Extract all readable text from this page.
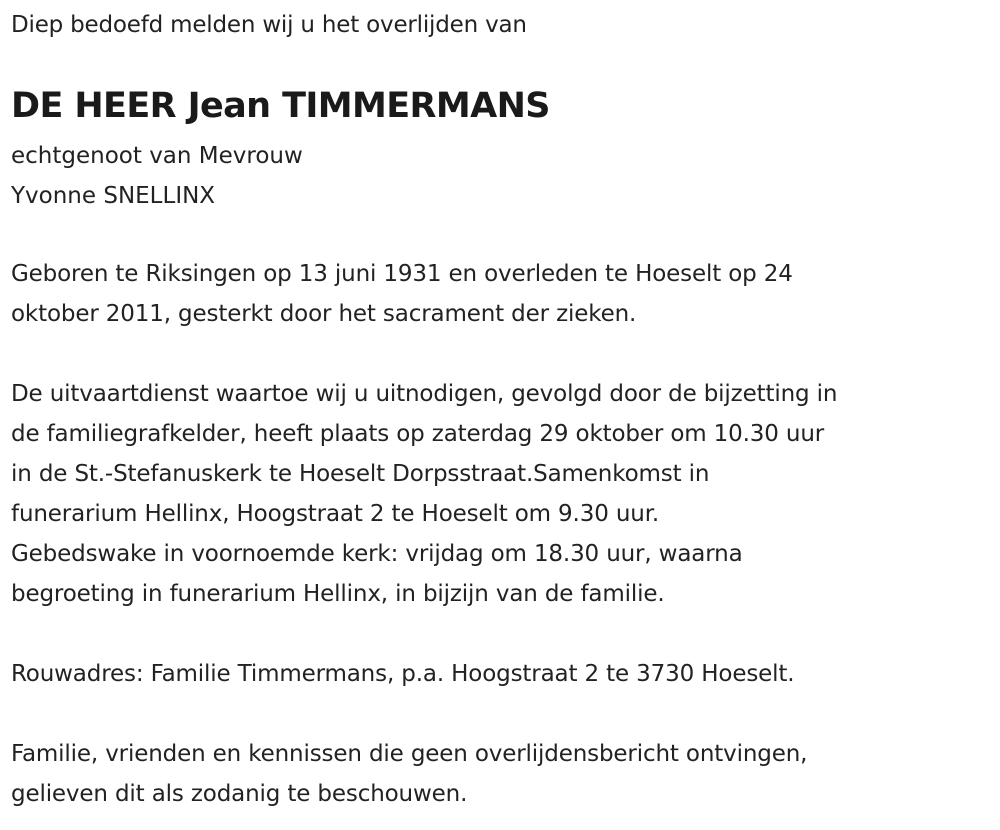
Diep bedoefd melden wij u het overlijden van

DE HEER Jean TIMMERMANS
echtgenoot van Mevrouw
Yvonne SNELLINX

Geboren te Riksingen op 13 juni 1931 en overleden te Hoeselt op 24
oktober 2011, gesterkt door het sacrament der zieken.

De uitvaartdienst waartoe wij u uitnodigen, gevolgd door de bijzetting in
de familiegrafkelder, heeft plaats op zaterdag 29 oktober om 10.30 uur
in de St.-Stefanuskerk te Hoeselt Dorpsstraat.Samenkomst in
funerarium Hellinx, Hoogstraat 2 te Hoeselt om 9.30 uur.
Gebedswake in voornoemde kerk: vrijdag om 18.30 uur, waarna
begroeting in funerarium Hellinx, in bijzijn van de familie.

Rouwadres: Familie Timmermans, p.a. Hoogstraat 2 te 3730 Hoeselt.

Familie, vrienden en kennissen die geen overlijdensbericht ontvingen,
gelieven dit als zodanig te beschouwen.
